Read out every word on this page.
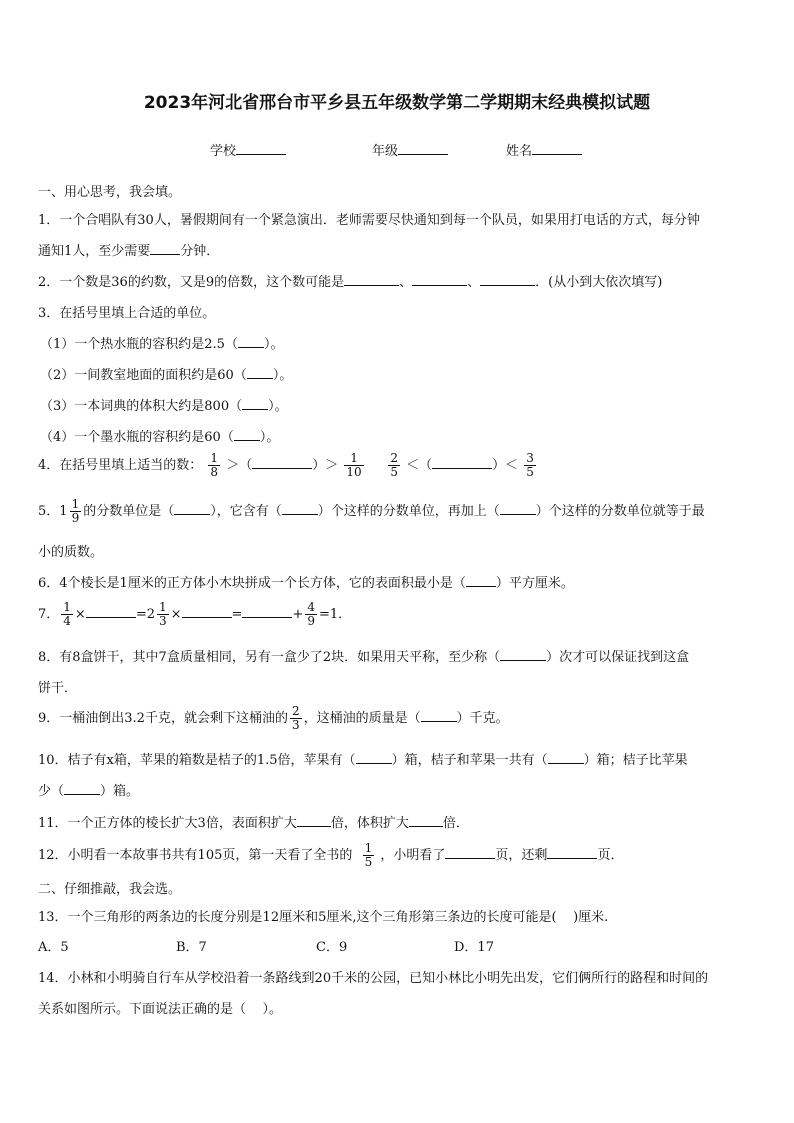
2023年河北省邢台市平乡县五年级数学第二学期期末经典模拟试题
学校	年级	姓名
一、用心思考，我会填。
1．一个合唱队有30人，暑假期间有一个紧急演出．老师需要尽快通知到每一个队员，如果用打电话的方式，每分钟
通知1人，至少需要 分钟．
2．一个数是36的约数，又是9的倍数，这个数可能是	、	、	．(从小到大依次填写)
3．在括号里填上合适的单位。
（1）一个热水瓶的容积约是2.5（ ）。
（2）一间教室地面的面积约是60（ ）。
（3）一本词典的体积大约是800（ ）。
（4）一个墨水瓶的容积约是60（ ）。
4．在括号里填上适当的数： $\frac{1}{8}$ ＞（	）＞ $\frac{1}{10}$
$\frac{2}{5}$ ＜（	）＜ $\frac{3}{5}$
5．$1 \frac{1}{9}$ 的分数单位是（	），它含有（	）个这样的分数单位，再加上（	）个这样的分数单位就等于最
小的质数。
6．4个棱长是1厘米的正方体小木块拼成一个长方体，它的表面积最小是（ ）平方厘米。
7． $\frac{1}{4}$ ×	$=2 \frac{1}{3}$ ×	=	+ $\frac{4}{9} =1$．
8．有8盒饼干，其中7盒质量相同，另有一盒少了2块．如果用天平称，至少称（	）次才可以保证找到这盒
饼干．
9．一桶油倒出3.2千克，就会剩下这桶油的 $\frac{2}{3}$ ，这桶油的质量是（	）千克。
10．桔子有x箱，苹果的箱数是桔子的1.5倍，苹果有（	）箱，桔子和苹果一共有（	）箱；桔子比苹果
少（	）箱。
11．一个正方体的棱长扩大3倍，表面积扩大	倍，体积扩大	倍．
12．小明看一本故事书共有105页，第一天看了全书的 $\frac{1}{5}$ ，小明看了	页，还剩	页．
二、仔细推敲，我会选。
13．一个三角形的两条边的长度分别是12厘米和5厘米,这个三角形第三条边的长度可能是( )厘米.
A．5	B．7	C．9	D．17
14．小林和小明骑自行车从学校沿着一条路线到20千米的公园，已知小林比小明先出发，它们俩所行的路程和时间的
关系如图所示。下面说法正确的是（ ）。
